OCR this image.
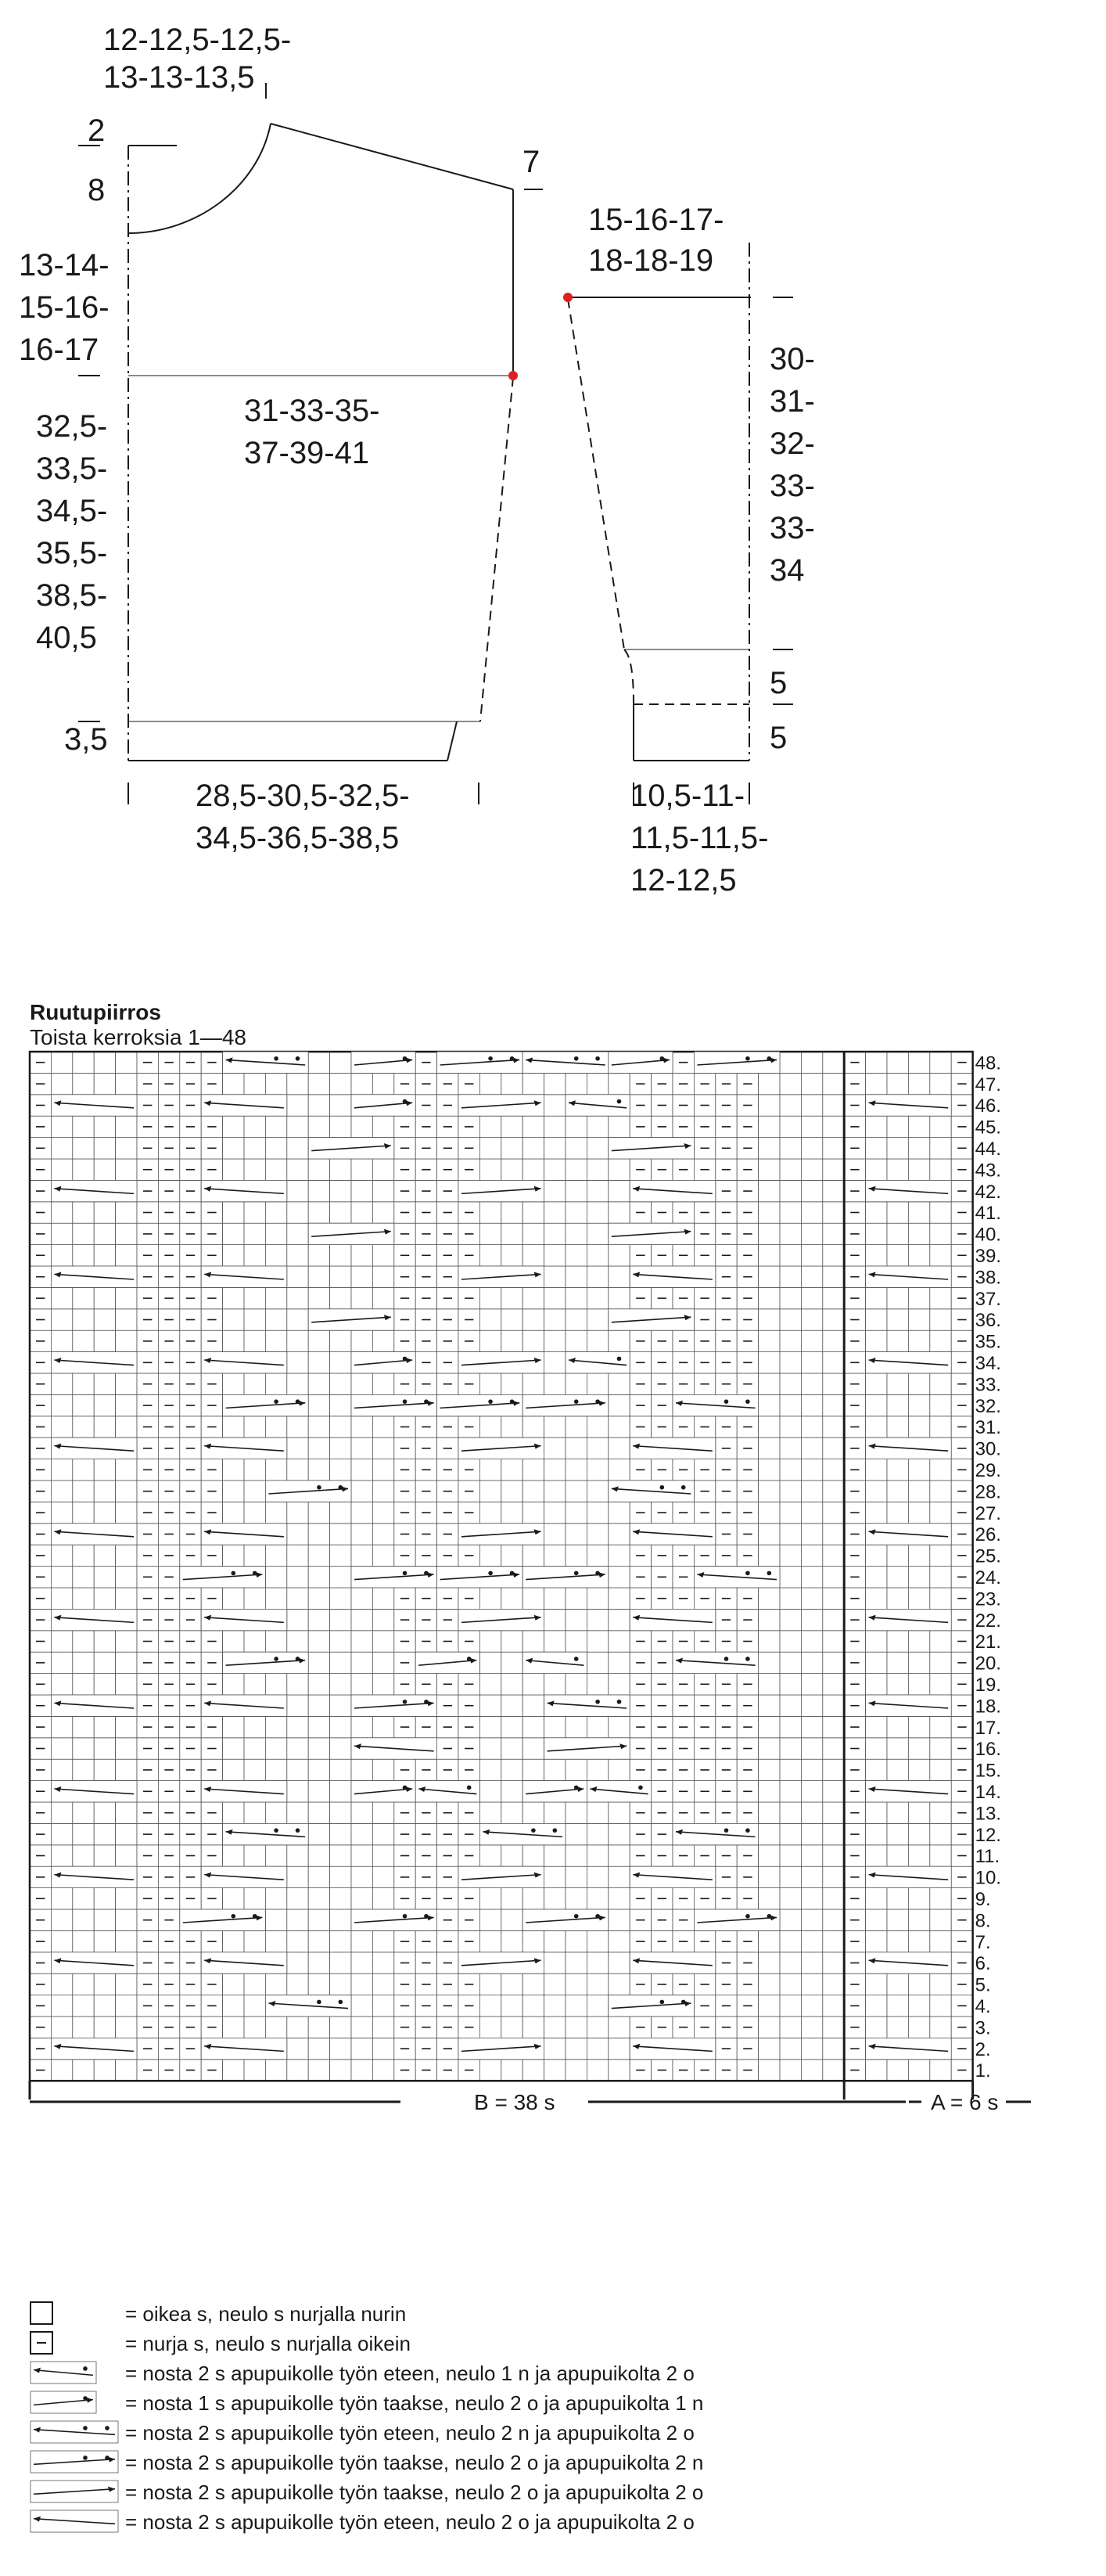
12-12,5-12,5-13-13-13,5
2
8
7
13-14-15-16-16-17
31-33-35-37-39-41
32,5-33,5-34,5-35,5-38,5-40,5
3,5
28,5-30,5-32,5-34,5-36,5-38,5
15-16-17-18-18-19
30-31-32-33-33-34
5
5
10,5-11-11,5-11,5-12-12,5
Ruutupiirros
Toista kerroksia 1—48
1.
2.
3.
4.
5.
6.
7.
8.
9.
10.
11.
12.
13.
14.
15.
16.
17.
18.
19.
20.
21.
22.
23.
24.
25.
26.
27.
28.
29.
30.
31.
32.
33.
34.
35.
36.
37.
38.
39.
40.
41.
42.
43.
44.
45.
46.
47.
48.
B = 38 s	A = 6 s
= oikea s, neulo s nurjalla nurin
= nurja s, neulo s nurjalla oikein
= nosta 2 s apupuikolle työn eteen, neulo 1 n ja apupuikolta 2 o
= nosta 1 s apupuikolle työn taakse, neulo 2 o ja apupuikolta 1 n
= nosta 2 s apupuikolle työn eteen, neulo 2 n ja apupuikolta 2 o
= nosta 2 s apupuikolle työn taakse, neulo 2 o ja apupuikolta 2 n
= nosta 2 s apupuikolle työn taakse, neulo 2 o ja apupuikolta 2 o
= nosta 2 s apupuikolle työn eteen, neulo 2 o ja apupuikolta 2 o
